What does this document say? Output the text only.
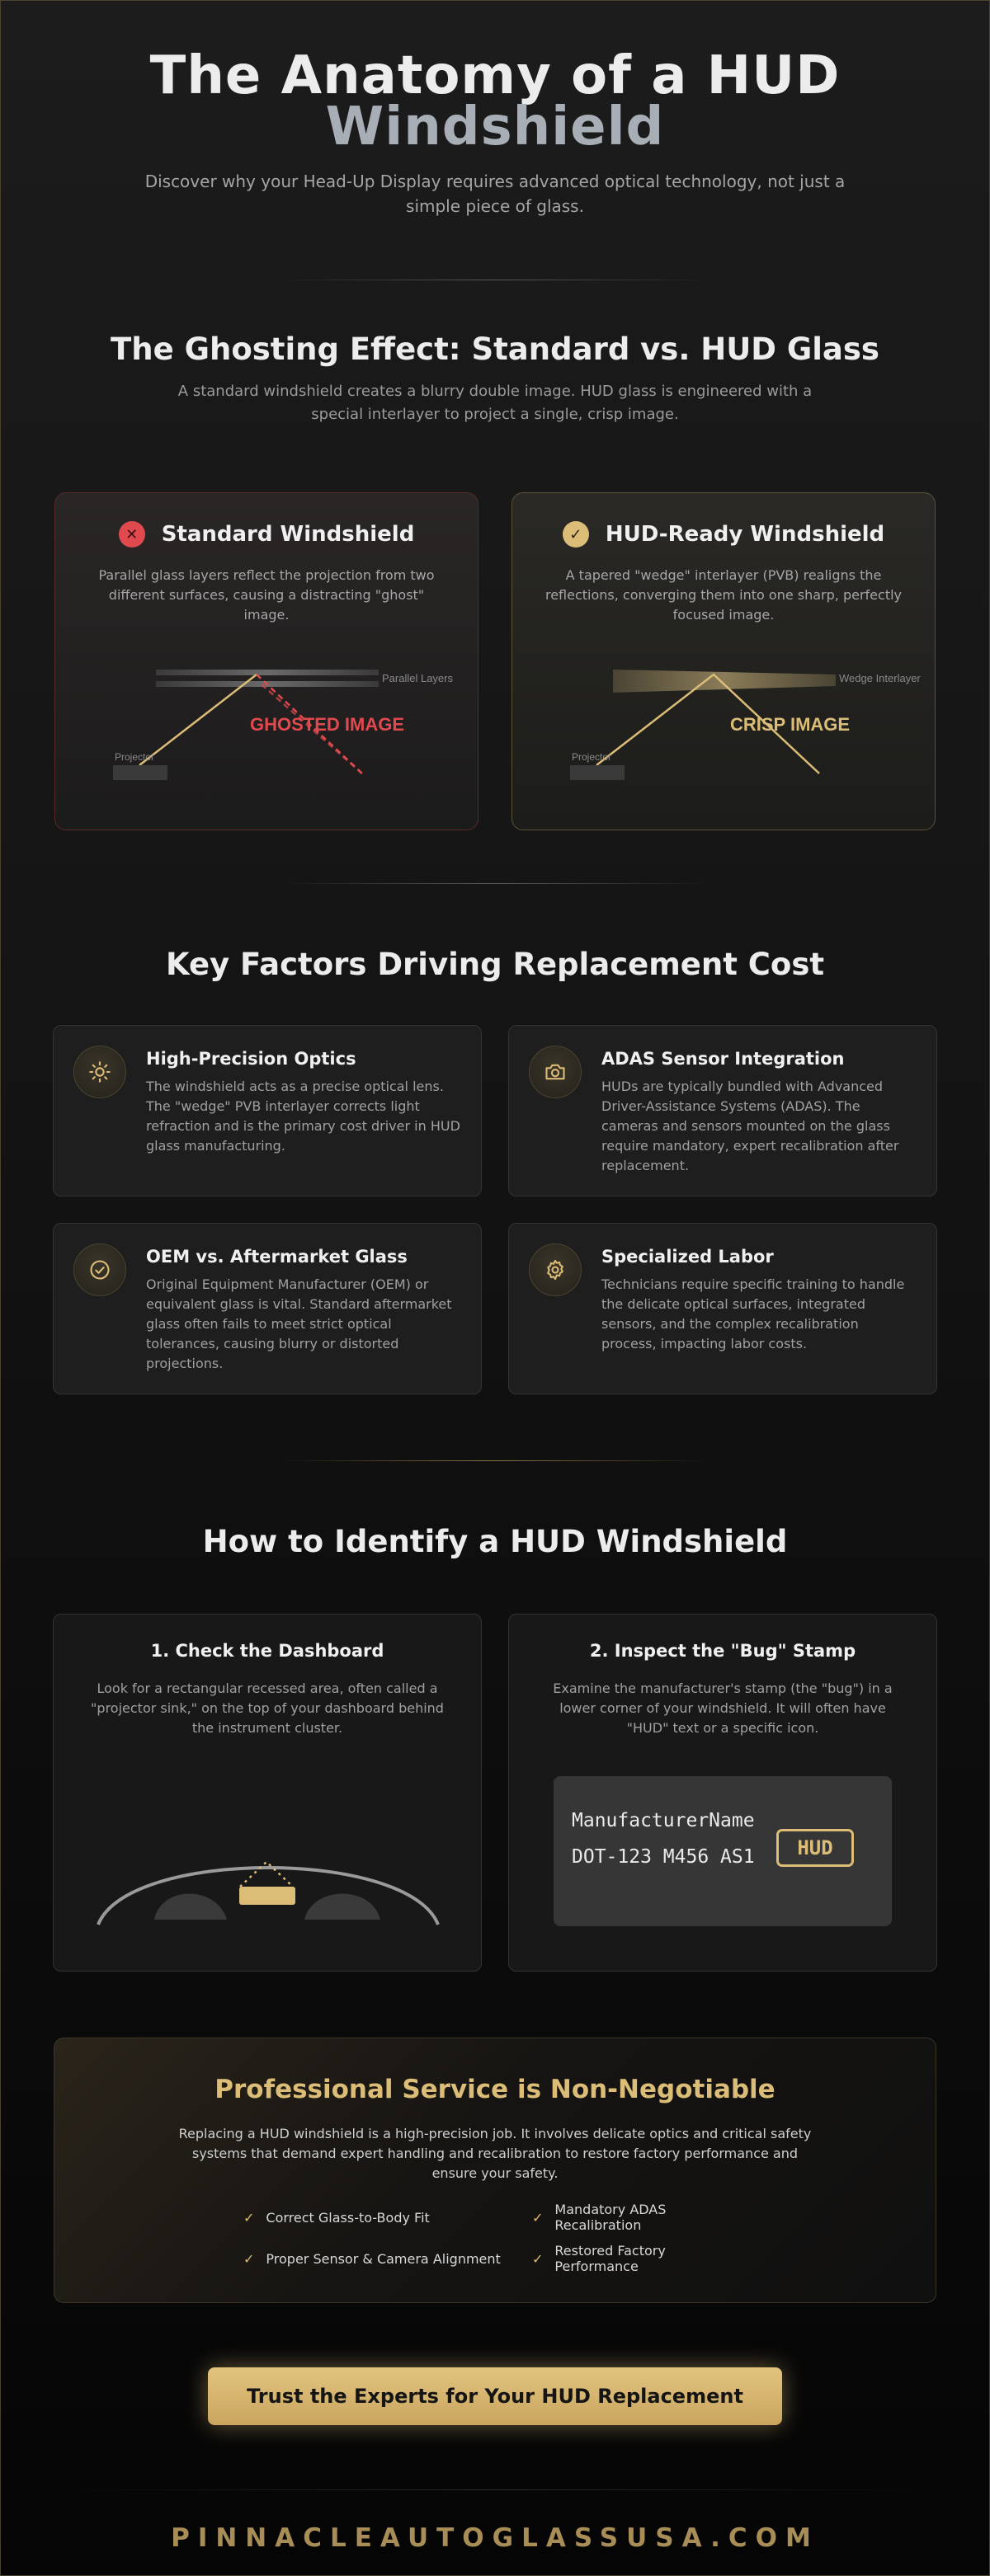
The Anatomy of a HUD
Windshield

Discover why your Head-Up Display requires advanced optical technology, not just a simple piece of glass.

The Ghosting Effect: Standard vs. HUD Glass

A standard windshield creates a blurry double image. HUD glass is engineered with a special interlayer to project a single, crisp image.

✕	Standard Windshield

Parallel glass layers reflect the projection from two different surfaces, causing a distracting "ghost" image.

Parallel Layers
GHOSTED IMAGE
Projector
✓	HUD-Ready Windshield

A tapered "wedge" interlayer (PVB) realigns the reflections, converging them into one sharp, perfectly focused image.

Wedge Interlayer
CRISP IMAGE
Projector
Key Factors Driving Replacement Cost
High-Precision Optics

The windshield acts as a precise optical lens. The "wedge" PVB interlayer corrects light refraction and is the primary cost driver in HUD glass manufacturing.

ADAS Sensor Integration

HUDs are typically bundled with Advanced Driver-Assistance Systems (ADAS). The cameras and sensors mounted on the glass require mandatory, expert recalibration after replacement.

OEM vs. Aftermarket Glass

Original Equipment Manufacturer (OEM) or equivalent glass is vital. Standard aftermarket glass often fails to meet strict optical tolerances, causing blurry or distorted projections.

Specialized Labor

Technicians require specific training to handle the delicate optical surfaces, integrated sensors, and the complex recalibration process, impacting labor costs.

How to Identify a HUD Windshield
1. Check the Dashboard

Look for a rectangular recessed area, often called a "projector sink," on the top of your dashboard behind the instrument cluster.

2. Inspect the "Bug" Stamp

Examine the manufacturer's stamp (the "bug") in a lower corner of your windshield. It will often have "HUD" text or a specific icon.

ManufacturerName
DOT-123 M456 AS1	HUD
Professional Service is Non-Negotiable

Replacing a HUD windshield is a high-precision job. It involves delicate optics and critical safety systems that demand expert handling and recalibration to restore factory performance and ensure your safety.

✓ Correct Glass-to-Body Fit	✓ Mandatory ADAS Recalibration
✓ Proper Sensor & Camera Alignment ✓ Restored Factory Performance
Trust the Experts for Your HUD Replacement
PINNACLEAUTOGLASSUSA.COM
